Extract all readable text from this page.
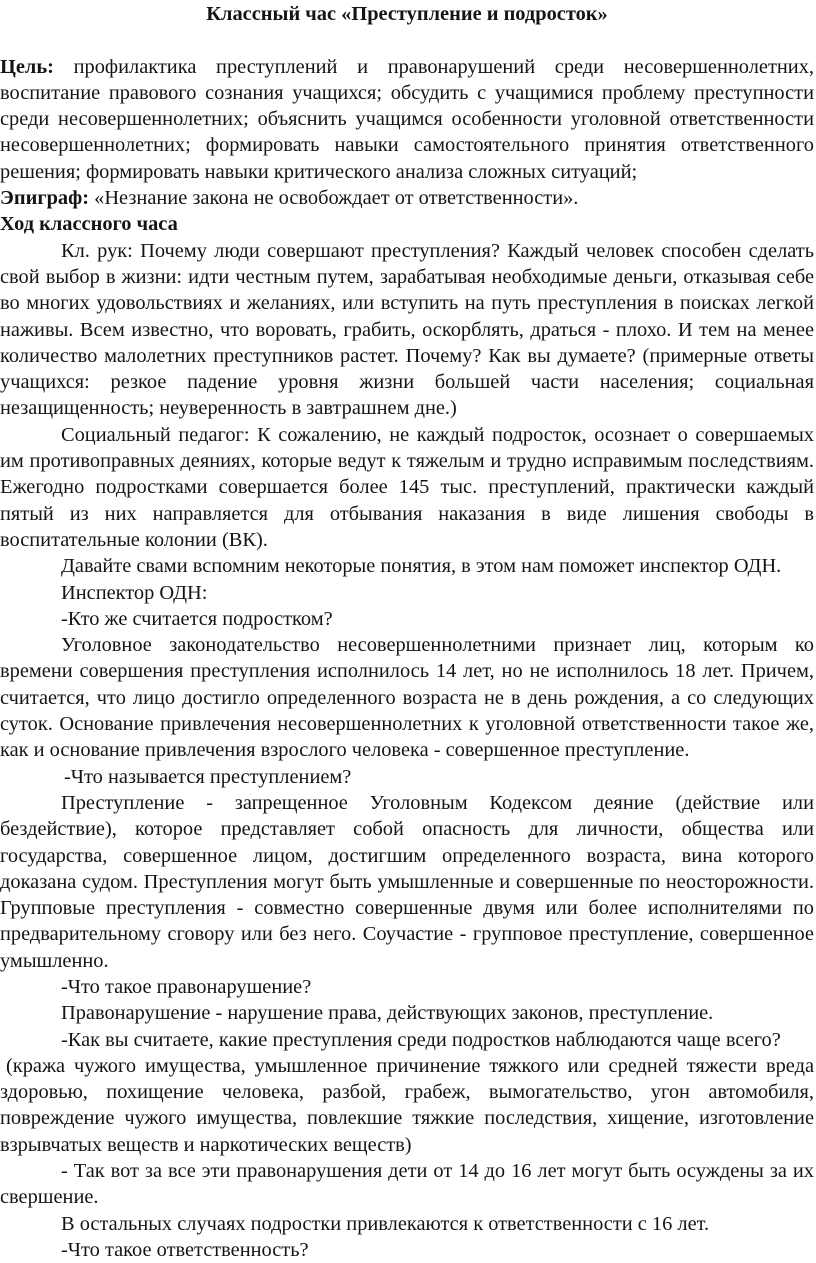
Классный час «Преступление и подросток»

Цель: профилактика преступлений и правонарушений среди несовершеннолетних, воспитание правового сознания учащихся; обсудить с учащимися проблему преступности среди несовершеннолетних; объяснить учащимся особенности уголовной ответственности несовершеннолетних; формировать навыки самостоятельного принятия ответственного решения; формировать навыки критического анализа сложных ситуаций;

Эпиграф: «Незнание закона не освобождает от ответственности».

Ход классного часа

Кл. рук: Почему люди совершают преступления? Каждый человек способен сделать свой выбор в жизни: идти честным путем, зарабатывая необходимые деньги, отказывая себе во многих удовольствиях и желаниях, или вступить на путь преступления в поисках легкой наживы. Всем известно, что воровать, грабить, оскорблять, драться - плохо. И тем на менее количество малолетних преступников растет. Почему? Как вы думаете? (примерные ответы учащихся: резкое падение уровня жизни большей части населения; социальная незащищенность; неуверенность в завтрашнем дне.)

Социальный педагог: К сожалению, не каждый подросток, осознает о совершаемых им противоправных деяниях, которые ведут к тяжелым и трудно исправимым последствиям. Ежегодно подростками совершается более 145 тыс. преступлений, практически каждый пятый из них направляется для отбывания наказания в виде лишения свободы в воспитательные колонии (ВК).

Давайте свами вспомним некоторые понятия, в этом нам поможет инспектор ОДН.

Инспектор ОДН:

-Кто же считается подростком?

Уголовное законодательство несовершеннолетними признает лиц, которым ко времени совершения преступления исполнилось 14 лет, но не исполнилось 18 лет. Причем, считается, что лицо достигло определенного возраста не в день рождения, а со следующих суток. Основание привлечения несовершеннолетних к уголовной ответственности такое же, как и основание привлечения взрослого человека - совершенное преступление.

-Что называется преступлением?

Преступление - запрещенное Уголовным Кодексом деяние (действие или бездействие), которое представляет собой опасность для личности, общества или государства, совершенное лицом, достигшим определенного возраста, вина которого доказана судом. Преступления могут быть умышленные и совершенные по неосторожности. Групповые преступления - совместно совершенные двумя или более исполнителями по предварительному сговору или без него. Соучастие - групповое преступление, совершенное умышленно.

-Что такое правонарушение?

Правонарушение - нарушение права, действующих законов, преступление.

-Как вы считаете, какие преступления среди подростков наблюдаются чаще всего?

(кража чужого имущества, умышленное причинение тяжкого или средней тяжести вреда здоровью, похищение человека, разбой, грабеж, вымогательство, угон автомобиля, повреждение чужого имущества, повлекшие тяжкие последствия, хищение, изготовление взрывчатых веществ и наркотических веществ)

- Так вот за все эти правонарушения дети от 14 до 16 лет могут быть осуждены за их свершение.

В остальных случаях подростки привлекаются к ответственности с 16 лет.

-Что такое ответственность?
